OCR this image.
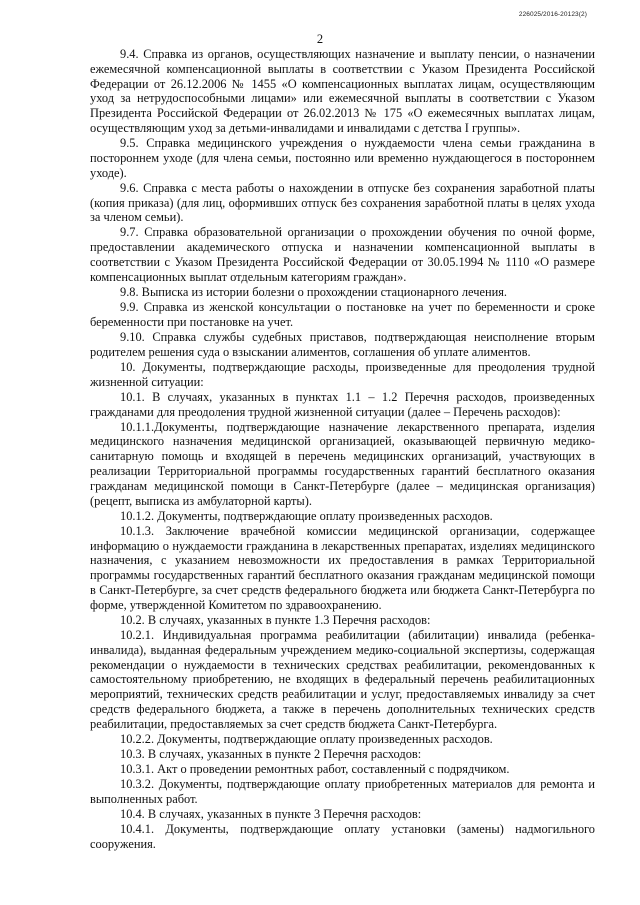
226025/2016-20123(2)
2

9.4. Справка из органов, осуществляющих назначение и выплату пенсии, о назначении ежемесячной компенсационной выплаты в соответствии с Указом Президента Российской Федерации от 26.12.2006 № 1455 «О компенсационных выплатах лицам, осуществляющим уход за нетрудоспособными лицами» или ежемесячной выплаты в соответствии с Указом Президента Российской Федерации от 26.02.2013 № 175 «О ежемесячных выплатах лицам, осуществляющим уход за детьми-инвалидами и инвалидами с детства I группы».

9.5. Справка медицинского учреждения о нуждаемости члена семьи гражданина в постороннем уходе (для члена семьи, постоянно или временно нуждающегося в постороннем уходе).

9.6. Справка с места работы о нахождении в отпуске без сохранения заработной платы (копия приказа) (для лиц, оформивших отпуск без сохранения заработной платы в целях ухода за членом семьи).

9.7. Справка образовательной организации о прохождении обучения по очной форме, предоставлении академического отпуска и назначении компенсационной выплаты в соответствии с Указом Президента Российской Федерации от 30.05.1994 № 1110 «О размере компенсационных выплат отдельным категориям граждан».

9.8. Выписка из истории болезни о прохождении стационарного лечения.

9.9. Справка из женской консультации о постановке на учет по беременности и сроке беременности при постановке на учет.

9.10. Справка службы судебных приставов, подтверждающая неисполнение вторым родителем решения суда о взыскании алиментов, соглашения об уплате алиментов.

10. Документы, подтверждающие расходы, произведенные для преодоления трудной жизненной ситуации:

10.1. В случаях, указанных в пунктах 1.1 – 1.2 Перечня расходов, произведенных гражданами для преодоления трудной жизненной ситуации (далее – Перечень расходов):

10.1.1.Документы, подтверждающие назначение лекарственного препарата, изделия медицинского назначения медицинской организацией, оказывающей первичную медико-санитарную помощь и входящей в перечень медицинских организаций, участвующих в реализации Территориальной программы государственных гарантий бесплатного оказания гражданам медицинской помощи в Санкт-Петербурге (далее – медицинская организация) (рецепт, выписка из амбулаторной карты).

10.1.2. Документы, подтверждающие оплату произведенных расходов.

10.1.3. Заключение врачебной комиссии медицинской организации, содержащее информацию о нуждаемости гражданина в лекарственных препаратах, изделиях медицинского назначения, с указанием невозможности их предоставления в рамках Территориальной программы государственных гарантий бесплатного оказания гражданам медицинской помощи в Санкт-Петербурге, за счет средств федерального бюджета или бюджета Санкт-Петербурга по форме, утвержденной Комитетом по здравоохранению.

10.2. В случаях, указанных в пункте 1.3 Перечня расходов:

10.2.1. Индивидуальная программа реабилитации (абилитации) инвалида (ребенка-инвалида), выданная федеральным учреждением медико-социальной экспертизы, содержащая рекомендации о нуждаемости в технических средствах реабилитации, рекомендованных к самостоятельному приобретению, не входящих в федеральный перечень реабилитационных мероприятий, технических средств реабилитации и услуг, предоставляемых инвалиду за счет средств федерального бюджета, а также в перечень дополнительных технических средств реабилитации, предоставляемых за счет средств бюджета Санкт-Петербурга.

10.2.2. Документы, подтверждающие оплату произведенных расходов.

10.3. В случаях, указанных в пункте 2 Перечня расходов:

10.3.1. Акт о проведении ремонтных работ, составленный с подрядчиком.

10.3.2. Документы, подтверждающие оплату приобретенных материалов для ремонта и выполненных работ.

10.4. В случаях, указанных в пункте 3 Перечня расходов:

10.4.1. Документы, подтверждающие оплату установки (замены) надмогильного сооружения.
